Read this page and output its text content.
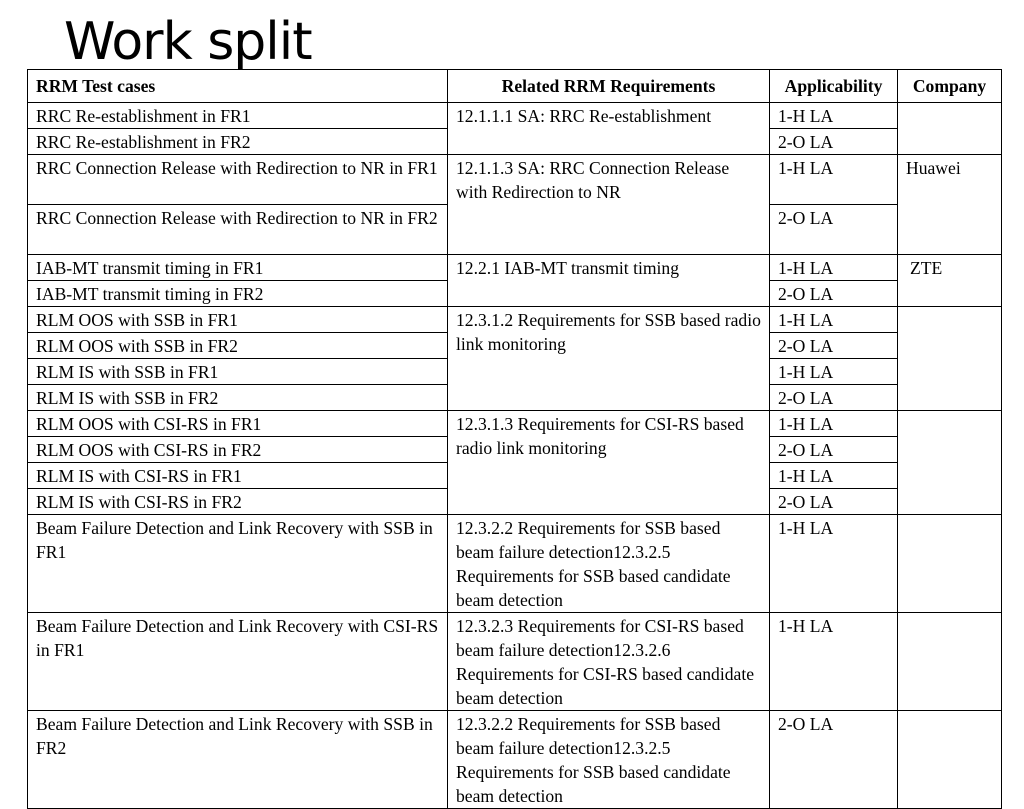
Work split
RRM Test cases	Related RRM Requirements	Applicability	Company
RRC Re-establishment in FR1	12.1.1.1 SA: RRC Re-establishment	1-H LA	
RRC Re-establishment in FR2		2-O LA	
RRC Connection Release with Redirection to NR in FR1	12.1.1.3 SA: RRC Connection Release with Redirection to NR	1-H LA	Huawei
RRC Connection Release with Redirection to NR in FR2		2-O LA	
IAB-MT transmit timing in FR1	12.2.1 IAB-MT transmit timing	1-H LA	ZTE
IAB-MT transmit timing in FR2		2-O LA	
RLM OOS with SSB in FR1	12.3.1.2 Requirements for SSB based radio link monitoring	1-H LA	
RLM OOS with SSB in FR2		2-O LA	
RLM IS with SSB in FR1		1-H LA	
RLM IS with SSB in FR2		2-O LA	
RLM OOS with CSI-RS in FR1	12.3.1.3 Requirements for CSI-RS based radio link monitoring	1-H LA	
RLM OOS with CSI-RS in FR2		2-O LA	
RLM IS with CSI-RS in FR1		1-H LA	
RLM IS with CSI-RS in FR2		2-O LA	
Beam Failure Detection and Link Recovery with SSB in FR1	12.3.2.2 Requirements for SSB based beam failure detection12.3.2.5 Requirements for SSB based candidate beam detection	1-H LA	
Beam Failure Detection and Link Recovery with CSI-RS in FR1	12.3.2.3 Requirements for CSI-RS based beam failure detection12.3.2.6 Requirements for CSI-RS based candidate beam detection	1-H LA	
Beam Failure Detection and Link Recovery with SSB in FR2	12.3.2.2 Requirements for SSB based beam failure detection12.3.2.5 Requirements for SSB based candidate beam detection	2-O LA	
